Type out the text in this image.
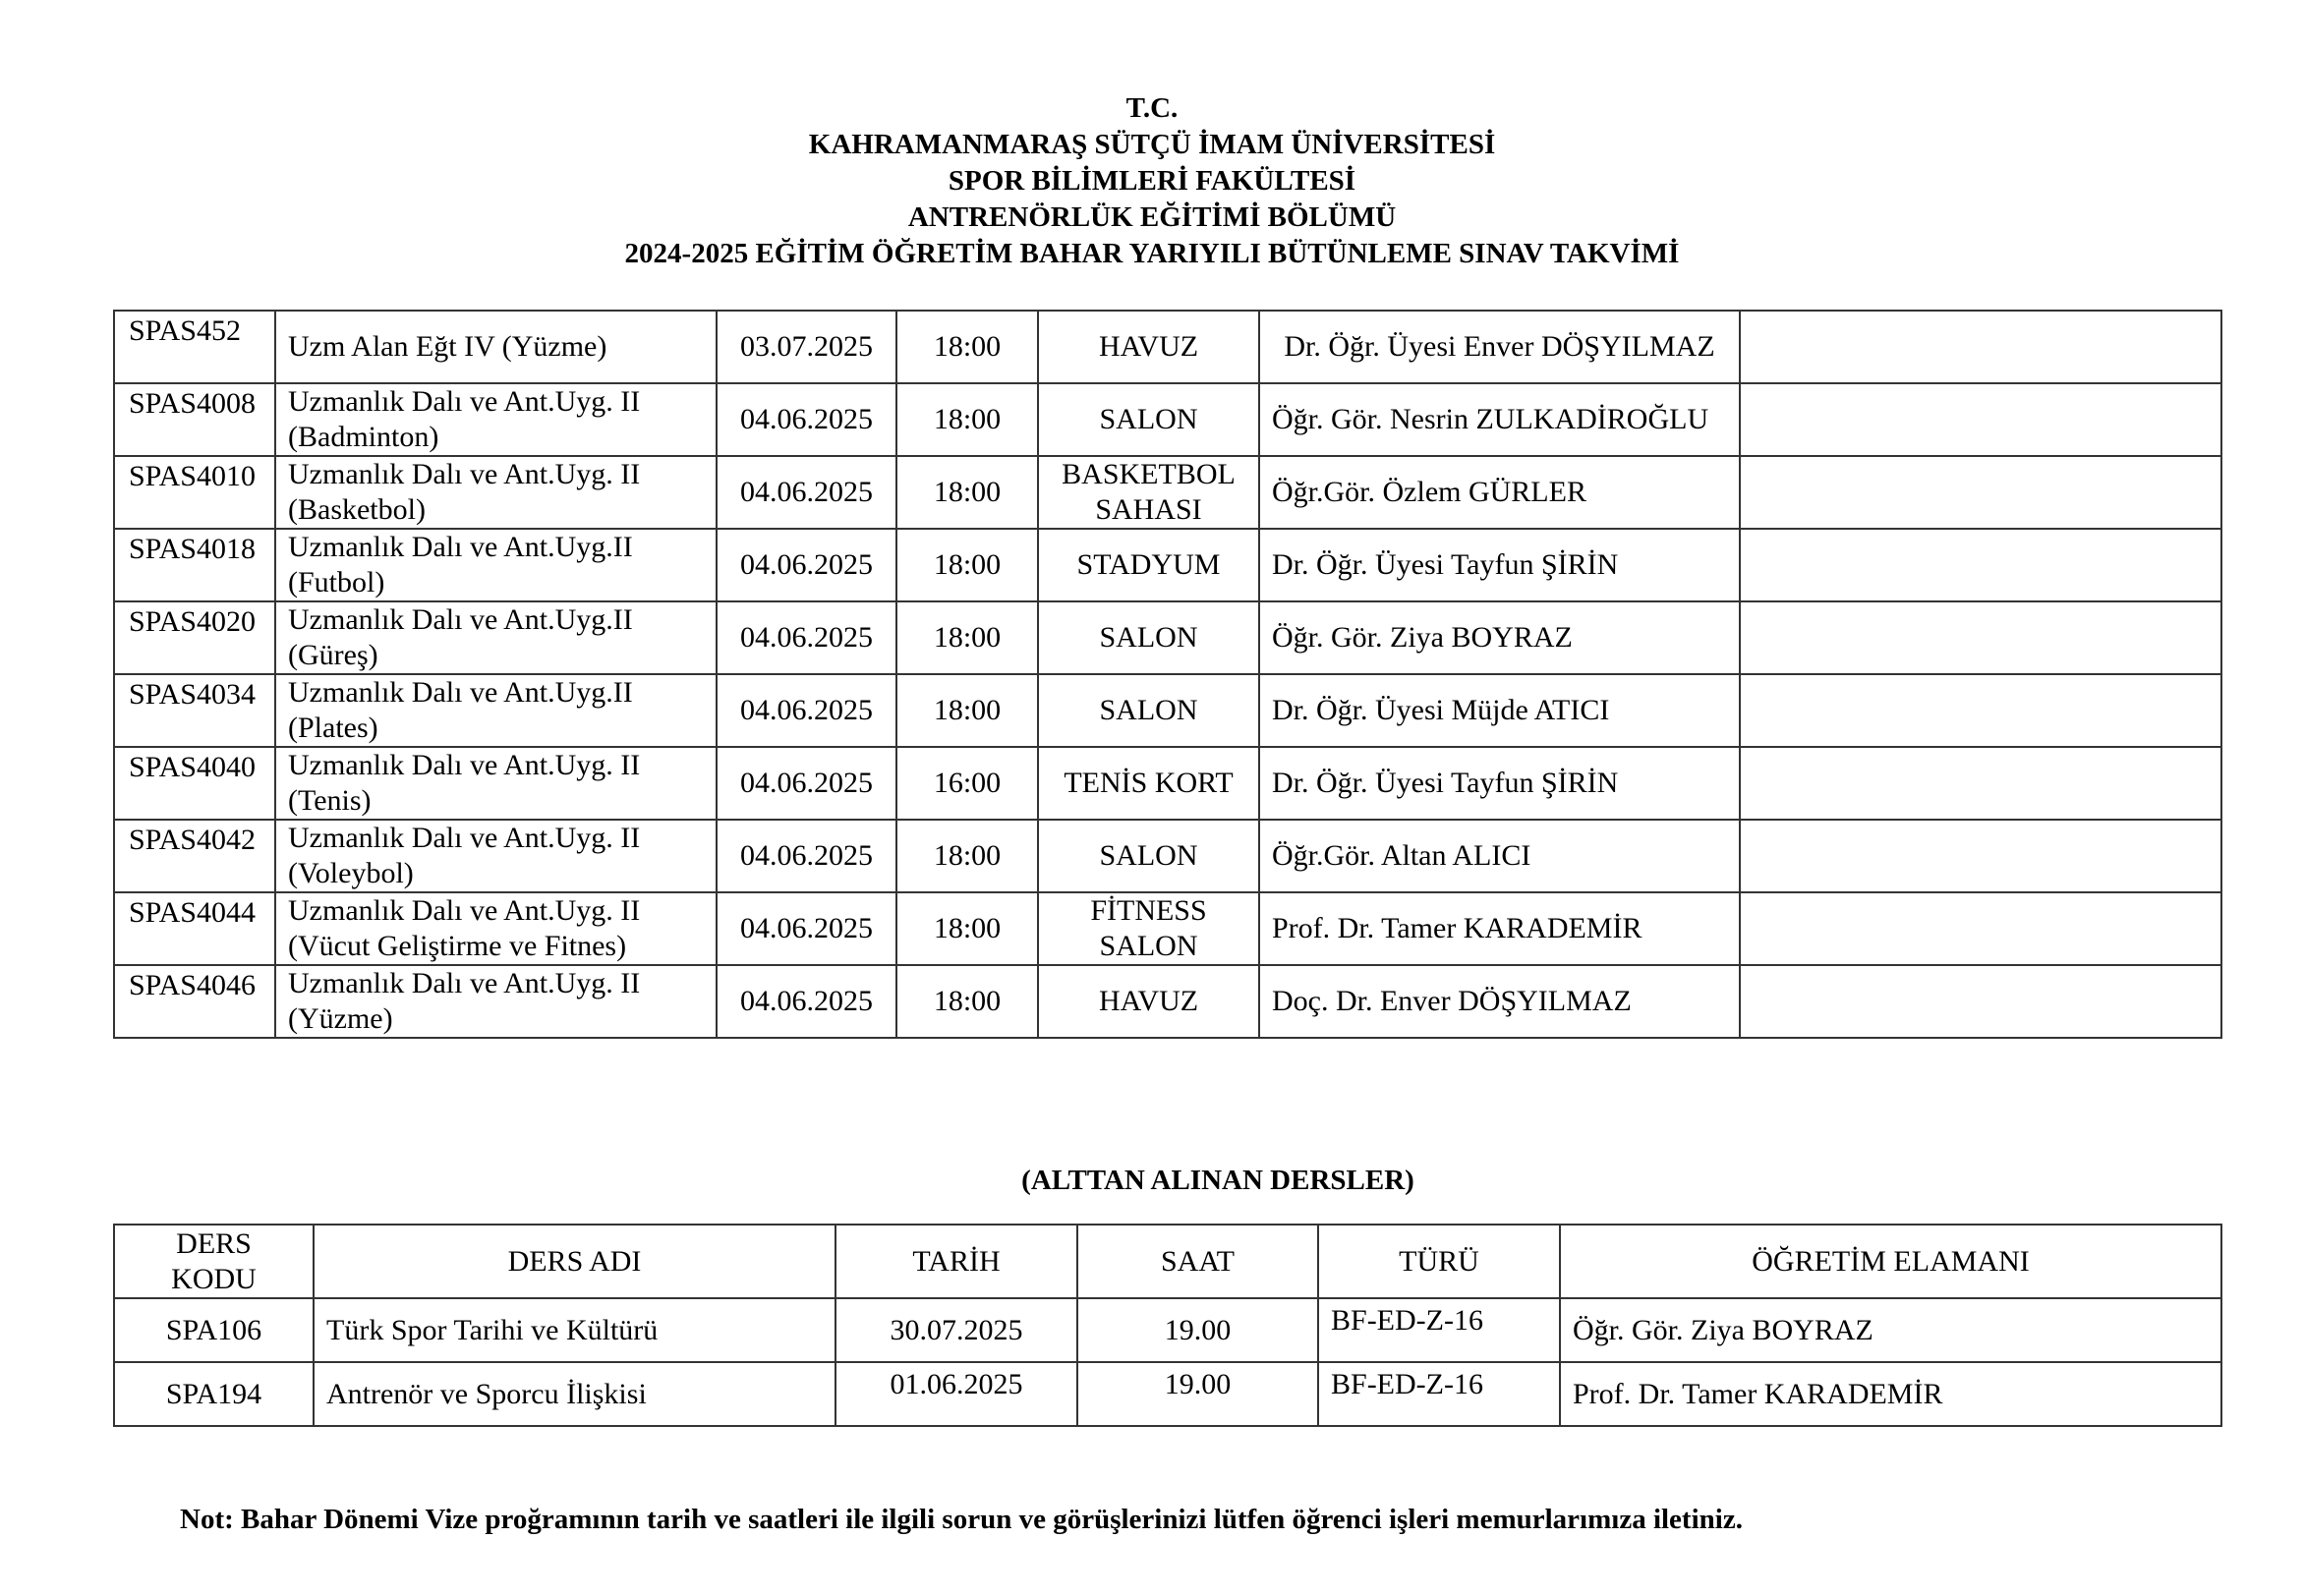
T.C.
KAHRAMANMARAŞ SÜTÇÜ İMAM ÜNİVERSİTESİ
SPOR BİLİMLERİ FAKÜLTESİ
ANTRENÖRLÜK EĞİTİMİ BÖLÜMÜ
2024-2025 EĞİTİM ÖĞRETİM BAHAR YARIYILI BÜTÜNLEME SINAV TAKVİMİ
SPAS452	Uzm Alan Eğt IV (Yüzme)	03.07.2025	18:00	HAVUZ	Dr. Öğr. Üyesi Enver DÖŞYILMAZ	
SPAS4008	Uzmanlık Dalı ve Ant.Uyg. II (Badminton)	04.06.2025	18:00	SALON	Öğr. Gör. Nesrin ZULKADİROĞLU	
SPAS4010	Uzmanlık Dalı ve Ant.Uyg. II (Basketbol)	04.06.2025	18:00	BASKETBOL SAHASI	Öğr.Gör. Özlem GÜRLER	
SPAS4018	Uzmanlık Dalı ve Ant.Uyg.II (Futbol)	04.06.2025	18:00	STADYUM	Dr. Öğr. Üyesi Tayfun ŞİRİN	
SPAS4020	Uzmanlık Dalı ve Ant.Uyg.II (Güreş)	04.06.2025	18:00	SALON	Öğr. Gör. Ziya BOYRAZ	
SPAS4034	Uzmanlık Dalı ve Ant.Uyg.II (Plates)	04.06.2025	18:00	SALON	Dr. Öğr. Üyesi Müjde ATICI	
SPAS4040	Uzmanlık Dalı ve Ant.Uyg. II (Tenis)	04.06.2025	16:00	TENİS KORT	Dr. Öğr. Üyesi Tayfun ŞİRİN	
SPAS4042	Uzmanlık Dalı ve Ant.Uyg. II (Voleybol)	04.06.2025	18:00	SALON	Öğr.Gör. Altan ALICI	
SPAS4044	Uzmanlık Dalı ve Ant.Uyg. II (Vücut Geliştirme ve Fitnes)	04.06.2025	18:00	FİTNESS SALON	Prof. Dr. Tamer KARADEMİR	
SPAS4046	Uzmanlık Dalı ve Ant.Uyg. II (Yüzme)	04.06.2025	18:00	HAVUZ	Doç. Dr. Enver DÖŞYILMAZ	
(ALTTAN ALINAN DERSLER)
DERS KODU	DERS ADI	TARİH	SAAT	TÜRÜ	ÖĞRETİM ELAMANI
SPA106	Türk Spor Tarihi ve Kültürü	30.07.2025	19.00	BF-ED-Z-16	Öğr. Gör. Ziya BOYRAZ
SPA194	Antrenör ve Sporcu İlişkisi	01.06.2025	19.00	BF-ED-Z-16	Prof. Dr. Tamer KARADEMİR
Not: Bahar Dönemi Vize proğramının tarih ve saatleri ile ilgili sorun ve görüşlerinizi lütfen öğrenci işleri memurlarımıza iletiniz.
